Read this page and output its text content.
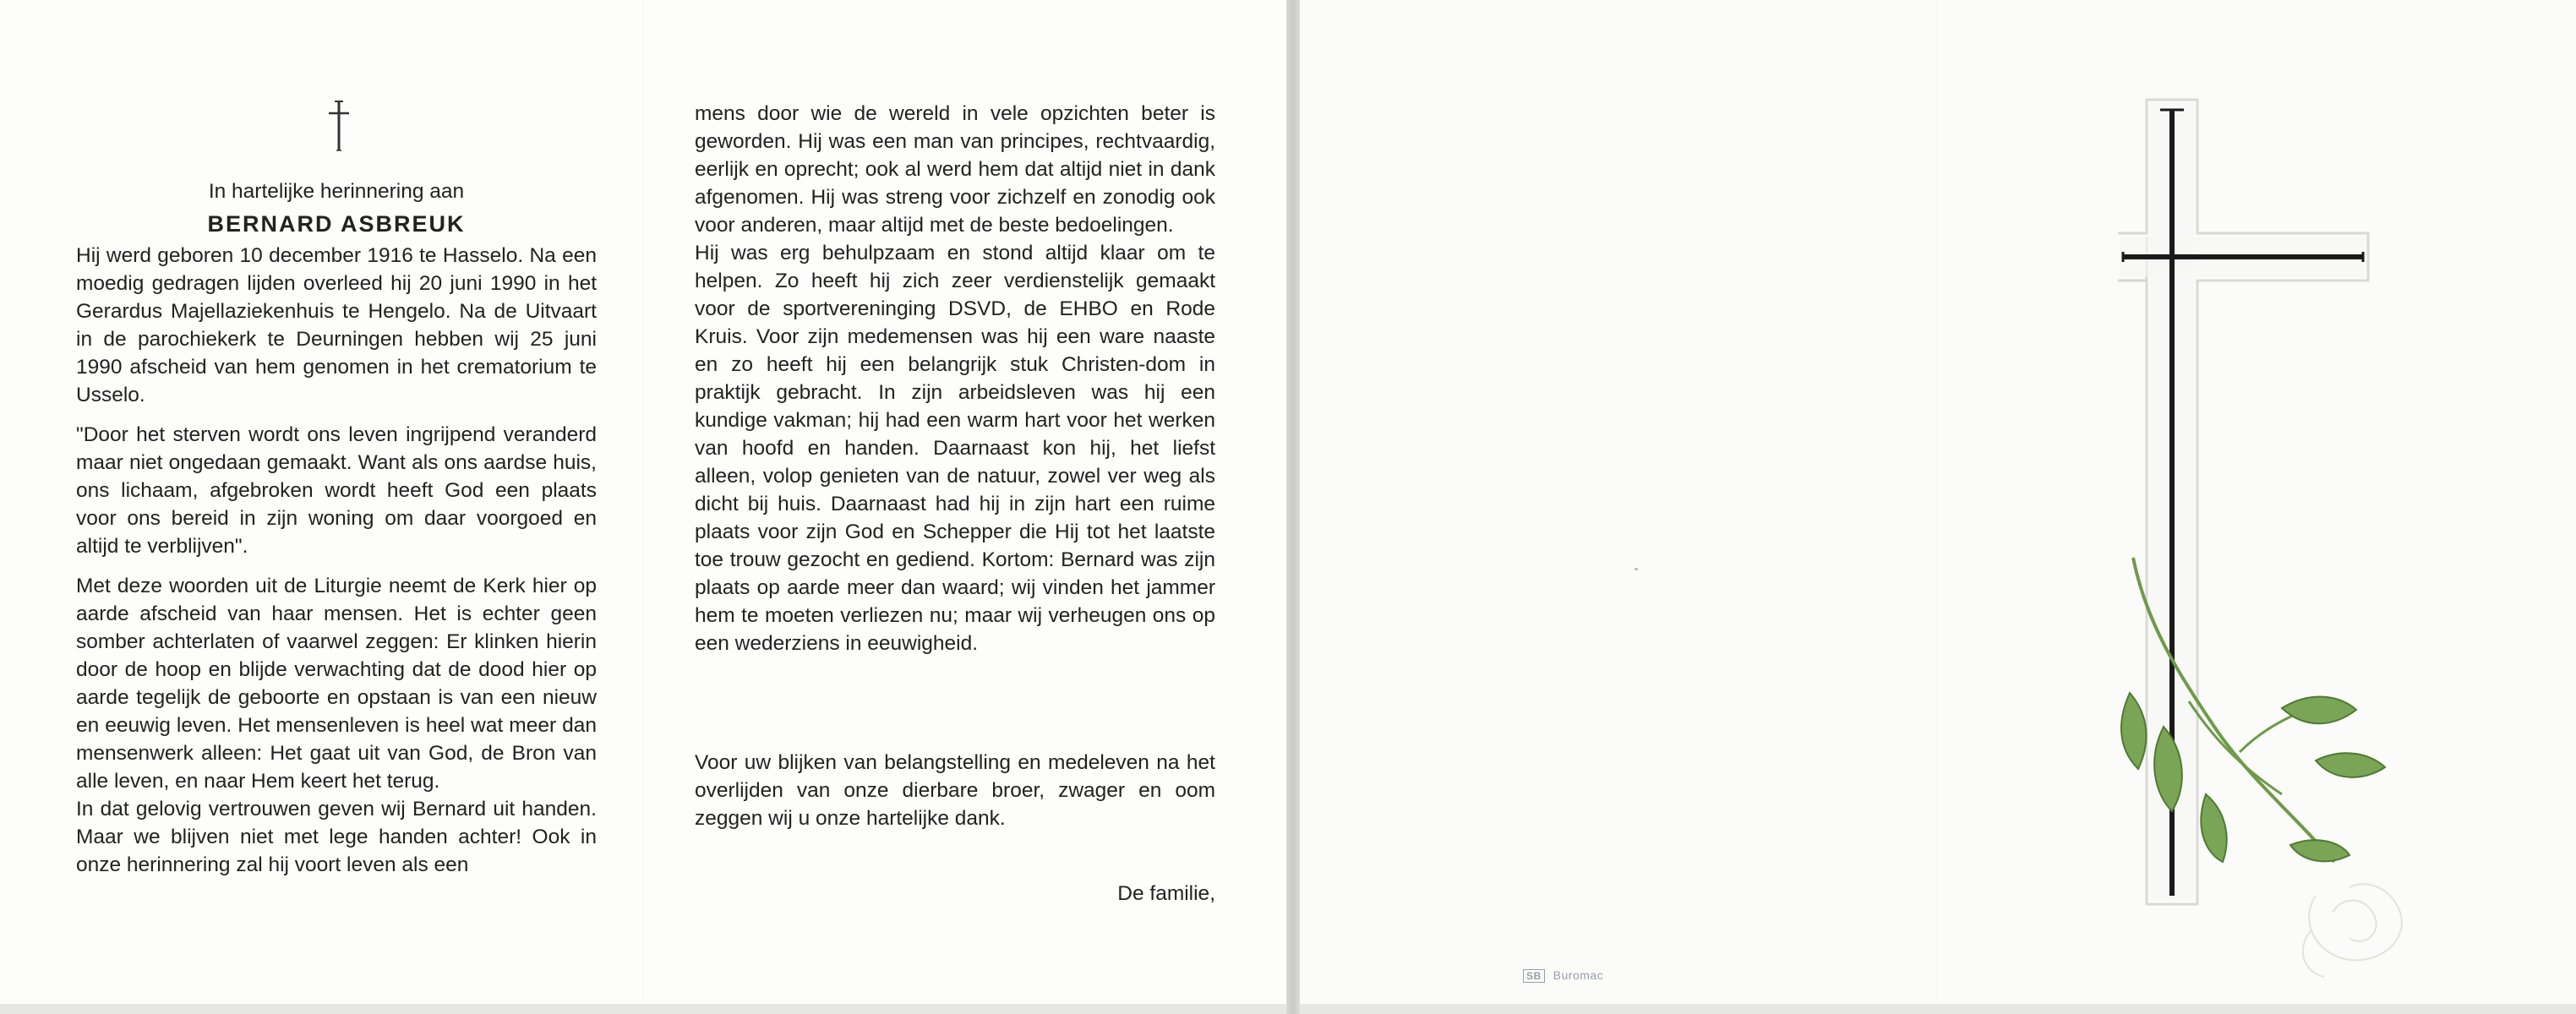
In hartelijke herinnering aan

BERNARD ASBREUK

Hij werd geboren 10 december 1916 te Hasselo. Na een moedig gedragen lijden overleed hij 20 juni 1990 in het Gerardus Majellaziekenhuis te Hengelo. Na de Uitvaart in de parochiekerk te Deurningen hebben wij 25 juni 1990 afscheid van hem genomen in het crematorium te Usselo.

"Door het sterven wordt ons leven ingrijpend veranderd maar niet ongedaan gemaakt. Want als ons aardse huis, ons lichaam, afgebroken wordt heeft God een plaats voor ons bereid in zijn woning om daar voorgoed en altijd te verblijven".

Met deze woorden uit de Liturgie neemt de Kerk hier op aarde afscheid van haar mensen. Het is echter geen somber achterlaten of vaarwel zeggen: Er klinken hierin door de hoop en blijde verwachting dat de dood hier op aarde tegelijk de geboorte en opstaan is van een nieuw en eeuwig leven. Het mensenleven is heel wat meer dan mensenwerk alleen: Het gaat uit van God, de Bron van alle leven, en naar Hem keert het terug.

In dat gelovig vertrouwen geven wij Bernard uit handen. Maar we blijven niet met lege handen achter! Ook in onze herinnering zal hij voort leven als een

mens door wie de wereld in vele opzichten beter is geworden. Hij was een man van principes, rechtvaardig, eerlijk en oprecht; ook al werd hem dat altijd niet in dank afgenomen. Hij was streng voor zichzelf en zonodig ook voor anderen, maar altijd met de beste bedoelingen.

Hij was erg behulpzaam en stond altijd klaar om te helpen. Zo heeft hij zich zeer verdienstelijk gemaakt voor de sportvereninging DSVD, de EHBO en Rode Kruis. Voor zijn medemensen was hij een ware naaste en zo heeft hij een belangrijk stuk Christen-dom in praktijk gebracht. In zijn arbeidsleven was hij een kundige vakman; hij had een warm hart voor het werken van hoofd en handen. Daarnaast kon hij, het liefst alleen, volop genieten van de natuur, zowel ver weg als dicht bij huis. Daarnaast had hij in zijn hart een ruime plaats voor zijn God en Schepper die Hij tot het laatste toe trouw gezocht en gediend. Kortom: Bernard was zijn plaats op aarde meer dan waard; wij vinden het jammer hem te moeten verliezen nu; maar wij verheugen ons op een wederziens in eeuwigheid.

Voor uw blijken van belangstelling en medeleven na het overlijden van onze dierbare broer, zwager en oom zeggen wij u onze hartelijke dank.

De familie,

SB Buromac
